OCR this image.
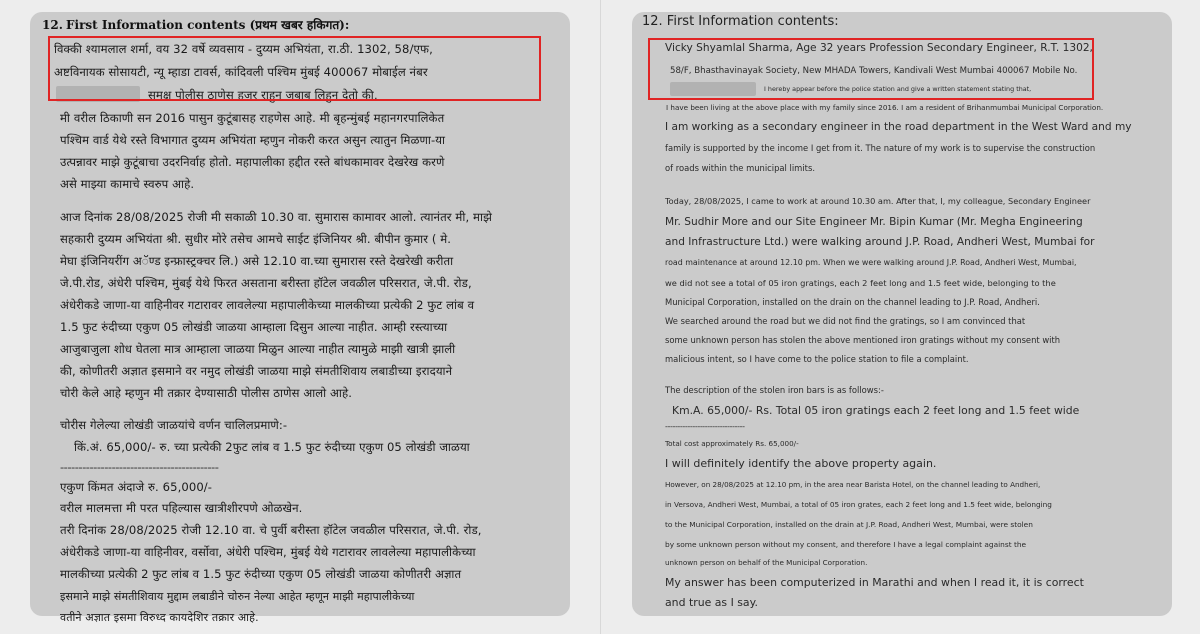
12. First Information contents (प्रथम खबर हकिगत):
विक्की श्यामलाल शर्मा, वय 32 वर्षे व्यवसाय - दुय्यम अभियंता, रा.ठी. 1302, 58/एफ,
अष्टविनायक सोसायटी, न्यू म्हाडा टावर्स, कांदिवली पश्चिम मुंबई 400067 मोबाईल नंबर
समक्ष पोलीस ठाणेस हजर राहुन जबाब लिहुन देतो की,
मी वरील ठिकाणी सन 2016 पासुन कुटूंबासह राहणेस आहे. मी बृहन्मुंबई महानगरपालिकेत
पश्चिम वार्ड येथे रस्ते विभागात दुय्यम अभियंता म्हणुन नोकरी करत असुन त्यातुन मिळणा-या
उत्पन्नावर माझे कुटूंबाचा उदरनिर्वाह होतो. महापालीका हद्दीत रस्ते बांधकामावर देखरेख करणे
असे माझ्या कामाचे स्वरुप आहे.
आज दिनांक 28/08/2025 रोजी मी सकाळी 10.30 वा. सुमारास कामावर आलो. त्यानंतर मी, माझे
सहकारी दुय्यम अभियंता श्री. सुधीर मोरे तसेच आमचे साईट इंजिनियर श्री. बीपीन कुमार ( मे.
मेघा इंजिनियरींग अॅण्ड इन्फ्रास्ट्रक्चर लि.) असे 12.10 वा.च्या सुमारास रस्ते देखरेखी करीता
जे.पी.रोड, अंधेरी पश्चिम, मुंबई येथे फिरत असताना बरीस्ता हॉटेल जवळील परिसरात, जे.पी. रोड,
अंधेरीकडे जाणा-या वाहिनीवर गटारावर लावलेल्या महापालीकेच्या मालकीच्या प्रत्येकी 2 फुट लांब व
1.5 फुट रुंदीच्या एकुण 05 लोखंडी जाळया आम्हाला दिसुन आल्या नाहीत. आम्ही रस्त्याच्या
आजुबाजुला शोध घेतला मात्र आम्हाला जाळया मिळुन आल्या नाहीत त्यामुळे माझी खात्री झाली
की, कोणीतरी अज्ञात इसमाने वर नमुद लोखंडी जाळया माझे संमतीशिवाय लबाडीच्या इरादयाने
चोरी केले आहे म्हणुन मी तक्रार देण्यासाठी पोलीस ठाणेस आलो आहे.
चोरीस गेलेल्या लोखंडी जाळयांचे वर्णन चालिलप्रमाणे:-
किं.अं. 65,000/- रु. च्या प्रत्येकी 2फुट लांब व 1.5 फुट रुंदीच्या एकुण 05 लोखंडी जाळया
-------------------------------------------
एकुण किंमत अंदाजे रु. 65,000/-
वरील मालमत्ता मी परत पहिल्यास खात्रीशीरपणे ओळखेन.
तरी दिनांक 28/08/2025 रोजी 12.10 वा. चे पुर्वी बरीस्ता हॉटेल जवळील परिसरात, जे.पी. रोड,
अंधेरीकडे जाणा-या वाहिनीवर, वर्सोवा, अंधेरी पश्चिम, मुंबई येथे गटारावर लावलेल्या महापालीकेच्या
मालकीच्या प्रत्येकी 2 फुट लांब व 1.5 फुट रुंदीच्या एकुण 05 लोखंडी जाळया कोणीतरी अज्ञात
इसमाने माझे संमतीशिवाय मुद्दाम लबाडीने चोरुन नेल्या आहेत म्हणून माझी महापालीकेच्या
वतीने अज्ञात इसमा विरुध्द कायदेशिर तक्रार आहे.
12. First Information contents:
Vicky Shyamlal Sharma, Age 32 years Profession Secondary Engineer, R.T. 1302,
58/F, Bhasthavinayak Society, New MHADA Towers, Kandivali West Mumbai 400067 Mobile No.
I hereby appear before the police station and give a written statement stating that,
I have been living at the above place with my family since 2016. I am a resident of Brihanmumbai Municipal Corporation.
I am working as a secondary engineer in the road department in the West Ward and my
family is supported by the income I get from it. The nature of my work is to supervise the construction
of roads within the municipal limits.
Today, 28/08/2025, I came to work at around 10.30 am. After that, I, my colleague, Secondary Engineer
Mr. Sudhir More and our Site Engineer Mr. Bipin Kumar (Mr. Megha Engineering
and Infrastructure Ltd.) were walking around J.P. Road, Andheri West, Mumbai for
road maintenance at around 12.10 pm. When we were walking around J.P. Road, Andheri West, Mumbai,
we did not see a total of 05 iron gratings, each 2 feet long and 1.5 feet wide, belonging to the
Municipal Corporation, installed on the drain on the channel leading to J.P. Road, Andheri.
We searched around the road but we did not find the gratings, so I am convinced that
some unknown person has stolen the above mentioned iron gratings without my consent with
malicious intent, so I have come to the police station to file a complaint.
The description of the stolen iron bars is as follows:-
Km.A. 65,000/- Rs. Total 05 iron gratings each 2 feet long and 1.5 feet wide
--------------------------------
Total cost approximately Rs. 65,000/-
I will definitely identify the above property again.
However, on 28/08/2025 at 12.10 pm, in the area near Barista Hotel, on the channel leading to Andheri,
in Versova, Andheri West, Mumbai, a total of 05 iron grates, each 2 feet long and 1.5 feet wide, belonging
to the Municipal Corporation, installed on the drain at J.P. Road, Andheri West, Mumbai, were stolen
by some unknown person without my consent, and therefore I have a legal complaint against the
unknown person on behalf of the Municipal Corporation.
My answer has been computerized in Marathi and when I read it, it is correct
and true as I say.
